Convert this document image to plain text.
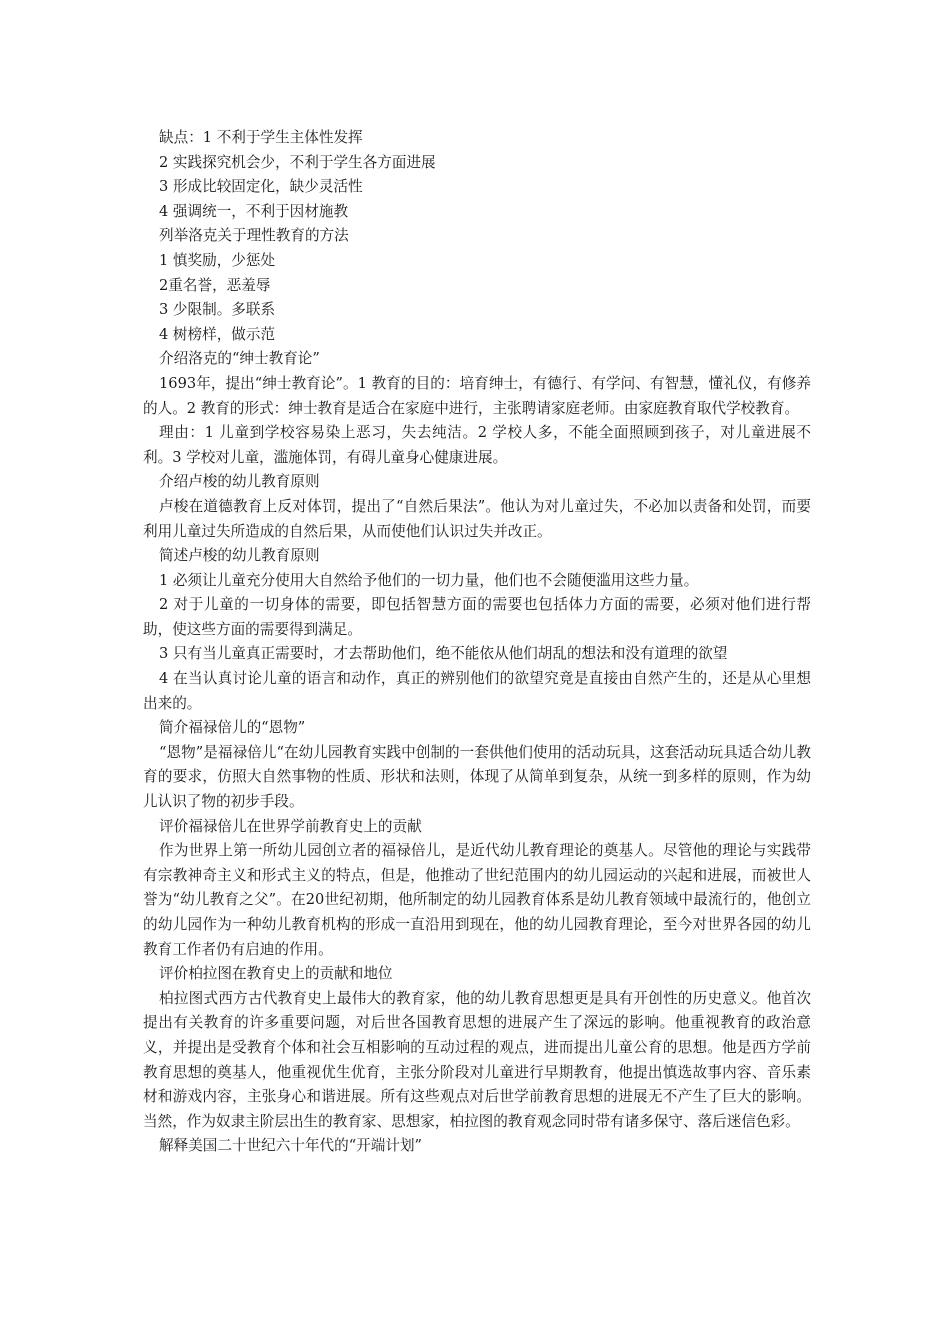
缺点：1 不利于学生主体性发挥

2 实践探究机会少，不利于学生各方面进展

3 形成比较固定化，缺少灵活性

4 强调统一，不利于因材施教

列举洛克关于理性教育的方法

1 慎奖励，少惩处

2重名誉，恶羞辱

3 少限制。多联系

4 树榜样，做示范

介绍洛克的“绅士教育论”

1693年，提出“绅士教育论”。1 教育的目的：培育绅士，有德行、有学问、有智慧，懂礼仪，有修养的人。2 教育的形式：绅士教育是适合在家庭中进行，主张聘请家庭老师。由家庭教育取代学校教育。

理由：1 儿童到学校容易染上恶习，失去纯洁。2 学校人多，不能全面照顾到孩子，对儿童进展不利。3 学校对儿童，滥施体罚，有碍儿童身心健康进展。

介绍卢梭的幼儿教育原则

卢梭在道德教育上反对体罚，提出了“自然后果法”。他认为对儿童过失，不必加以责备和处罚，而要利用儿童过失所造成的自然后果，从而使他们认识过失并改正。

简述卢梭的幼儿教育原则

1 必须让儿童充分使用大自然给予他们的一切力量，他们也不会随便滥用这些力量。

2 对于儿童的一切身体的需要，即包括智慧方面的需要也包括体力方面的需要，必须对他们进行帮助，使这些方面的需要得到满足。

3 只有当儿童真正需要时，才去帮助他们，绝不能依从他们胡乱的想法和没有道理的欲望

4 在当认真讨论儿童的语言和动作，真正的辨别他们的欲望究竟是直接由自然产生的，还是从心里想出来的。

简介福禄倍儿的“恩物”

“恩物”是福禄倍儿“在幼儿园教育实践中创制的一套供他们使用的活动玩具，这套活动玩具适合幼儿教育的要求，仿照大自然事物的性质、形状和法则，体现了从简单到复杂，从统一到多样的原则，作为幼儿认识了物的初步手段。

评价福禄倍儿在世界学前教育史上的贡献

作为世界上第一所幼儿园创立者的福禄倍儿，是近代幼儿教育理论的奠基人。尽管他的理论与实践带有宗教神奇主义和形式主义的特点，但是，他推动了世纪范围内的幼儿园运动的兴起和进展，而被世人誉为“幼儿教育之父”。在20世纪初期，他所制定的幼儿园教育体系是幼儿教育领域中最流行的，他创立的幼儿园作为一种幼儿教育机构的形成一直沿用到现在，他的幼儿园教育理论，至今对世界各园的幼儿教育工作者仍有启迪的作用。

评价柏拉图在教育史上的贡献和地位

柏拉图式西方古代教育史上最伟大的教育家，他的幼儿教育思想更是具有开创性的历史意义。他首次提出有关教育的许多重要问题，对后世各国教育思想的进展产生了深远的影响。他重视教育的政治意义，并提出是受教育个体和社会互相影响的互动过程的观点，进而提出儿童公育的思想。他是西方学前教育思想的奠基人，他重视优生优育，主张分阶段对儿童进行早期教育，他提出慎选故事内容、音乐素材和游戏内容，主张身心和谐进展。所有这些观点对后世学前教育思想的进展无不产生了巨大的影响。当然，作为奴隶主阶层出生的教育家、思想家，柏拉图的教育观念同时带有诸多保守、落后迷信色彩。

解释美国二十世纪六十年代的“开端计划”
